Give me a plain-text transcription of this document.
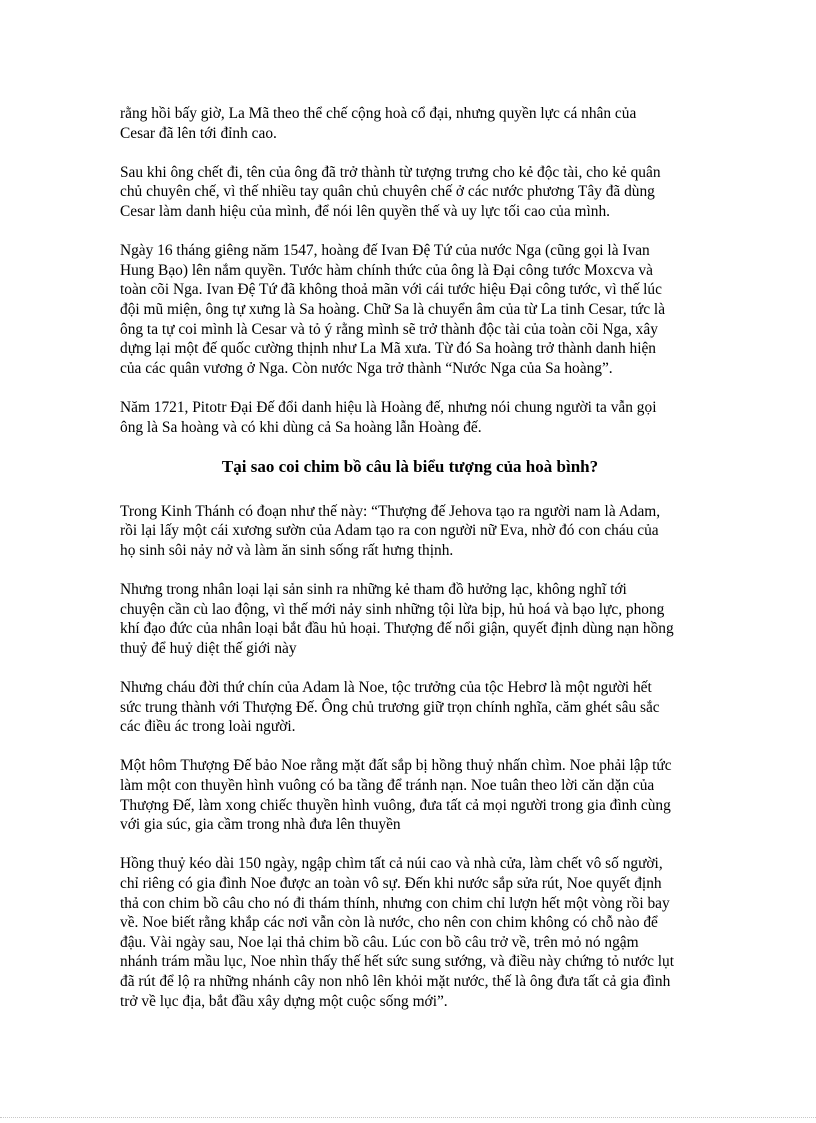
rằng hồi bấy giờ, La Mã theo thể chế cộng hoà cổ đại, nhưng quyền lực cá nhân của
Cesar đã lên tới đỉnh cao.

Sau khi ông chết đi, tên của ông đã trở thành từ tượng trưng cho kẻ độc tài, cho kẻ quân
chủ chuyên chế, vì thế nhiều tay quân chủ chuyên chế ở các nước phương Tây đã dùng
Cesar làm danh hiệu của mình, để nói lên quyền thế và uy lực tối cao của mình.

Ngày 16 tháng giêng năm 1547, hoàng đế Ivan Đệ Tứ của nước Nga (cũng gọi là Ivan
Hung Bạo) lên nắm quyền. Tước hàm chính thức của ông là Đại công tước Moxcva và
toàn cõi Nga. Ivan Đệ Tứ đã không thoả mãn với cái tước hiệu Đại công tước, vì thế lúc
đội mũ miện, ông tự xưng là Sa hoàng. Chữ Sa là chuyển âm của từ La tinh Cesar, tức là
ông ta tự coi mình là Cesar và tỏ ý rằng mình sẽ trở thành độc tài của toàn cõi Nga, xây
dựng lại một đế quốc cường thịnh như La Mã xưa. Từ đó Sa hoàng trở thành danh hiện
của các quân vương ở Nga. Còn nước Nga trở thành “Nước Nga của Sa hoàng”.

Năm 1721, Pitotr Đại Đế đổi danh hiệu là Hoàng đế, nhưng nói chung người ta vẫn gọi
ông là Sa hoàng và có khi dùng cả Sa hoàng lẫn Hoàng đế.

Tại sao coi chim bồ câu là biểu tượng của hoà bình?

Trong Kinh Thánh có đoạn như thế này: “Thượng đế Jehova tạo ra người nam là Adam,
rồi lại lấy một cái xương sườn của Adam tạo ra con người nữ Eva, nhờ đó con cháu của
họ sinh sôi nảy nở và làm ăn sinh sống rất hưng thịnh.

Nhưng trong nhân loại lại sản sinh ra những kẻ tham đồ hưởng lạc, không nghĩ tới
chuyện cần cù lao động, vì thế mới nảy sinh những tội lừa bịp, hủ hoá và bạo lực, phong
khí đạo đức của nhân loại bắt đầu hủ hoại. Thượng đế nổi giận, quyết định dùng nạn hồng
thuỷ để huỷ diệt thế giới này

Nhưng cháu đời thứ chín của Adam là Noe, tộc trưởng của tộc Hebrơ là một người hết
sức trung thành với Thượng Đế. Ông chủ trương giữ trọn chính nghĩa, căm ghét sâu sắc
các điều ác trong loài người.

Một hôm Thượng Đế bảo Noe rằng mặt đất sắp bị hồng thuỷ nhấn chìm. Noe phải lập tức
làm một con thuyền hình vuông có ba tầng để tránh nạn. Noe tuân theo lời căn dặn của
Thượng Đế, làm xong chiếc thuyền hình vuông, đưa tất cả mọi người trong gia đình cùng
với gia súc, gia cầm trong nhà đưa lên thuyền

Hồng thuỷ kéo dài 150 ngày, ngập chìm tất cả núi cao và nhà cửa, làm chết vô số người,
chỉ riêng có gia đình Noe được an toàn vô sự. Đến khi nước sắp sửa rút, Noe quyết định
thả con chim bồ câu cho nó đi thám thính, nhưng con chim chỉ lượn hết một vòng rồi bay
về. Noe biết rằng khắp các nơi vẫn còn là nước, cho nên con chim không có chỗ nào để
đậu. Vài ngày sau, Noe lại thả chim bồ câu. Lúc con bồ câu trở về, trên mỏ nó ngậm
nhánh trám mầu lục, Noe nhìn thấy thế hết sức sung sướng, và điều này chứng tỏ nước lụt
đã rút để lộ ra những nhánh cây non nhô lên khỏi mặt nước, thế là ông đưa tất cả gia đình
trở về lục địa, bắt đầu xây dựng một cuộc sống mới”.
